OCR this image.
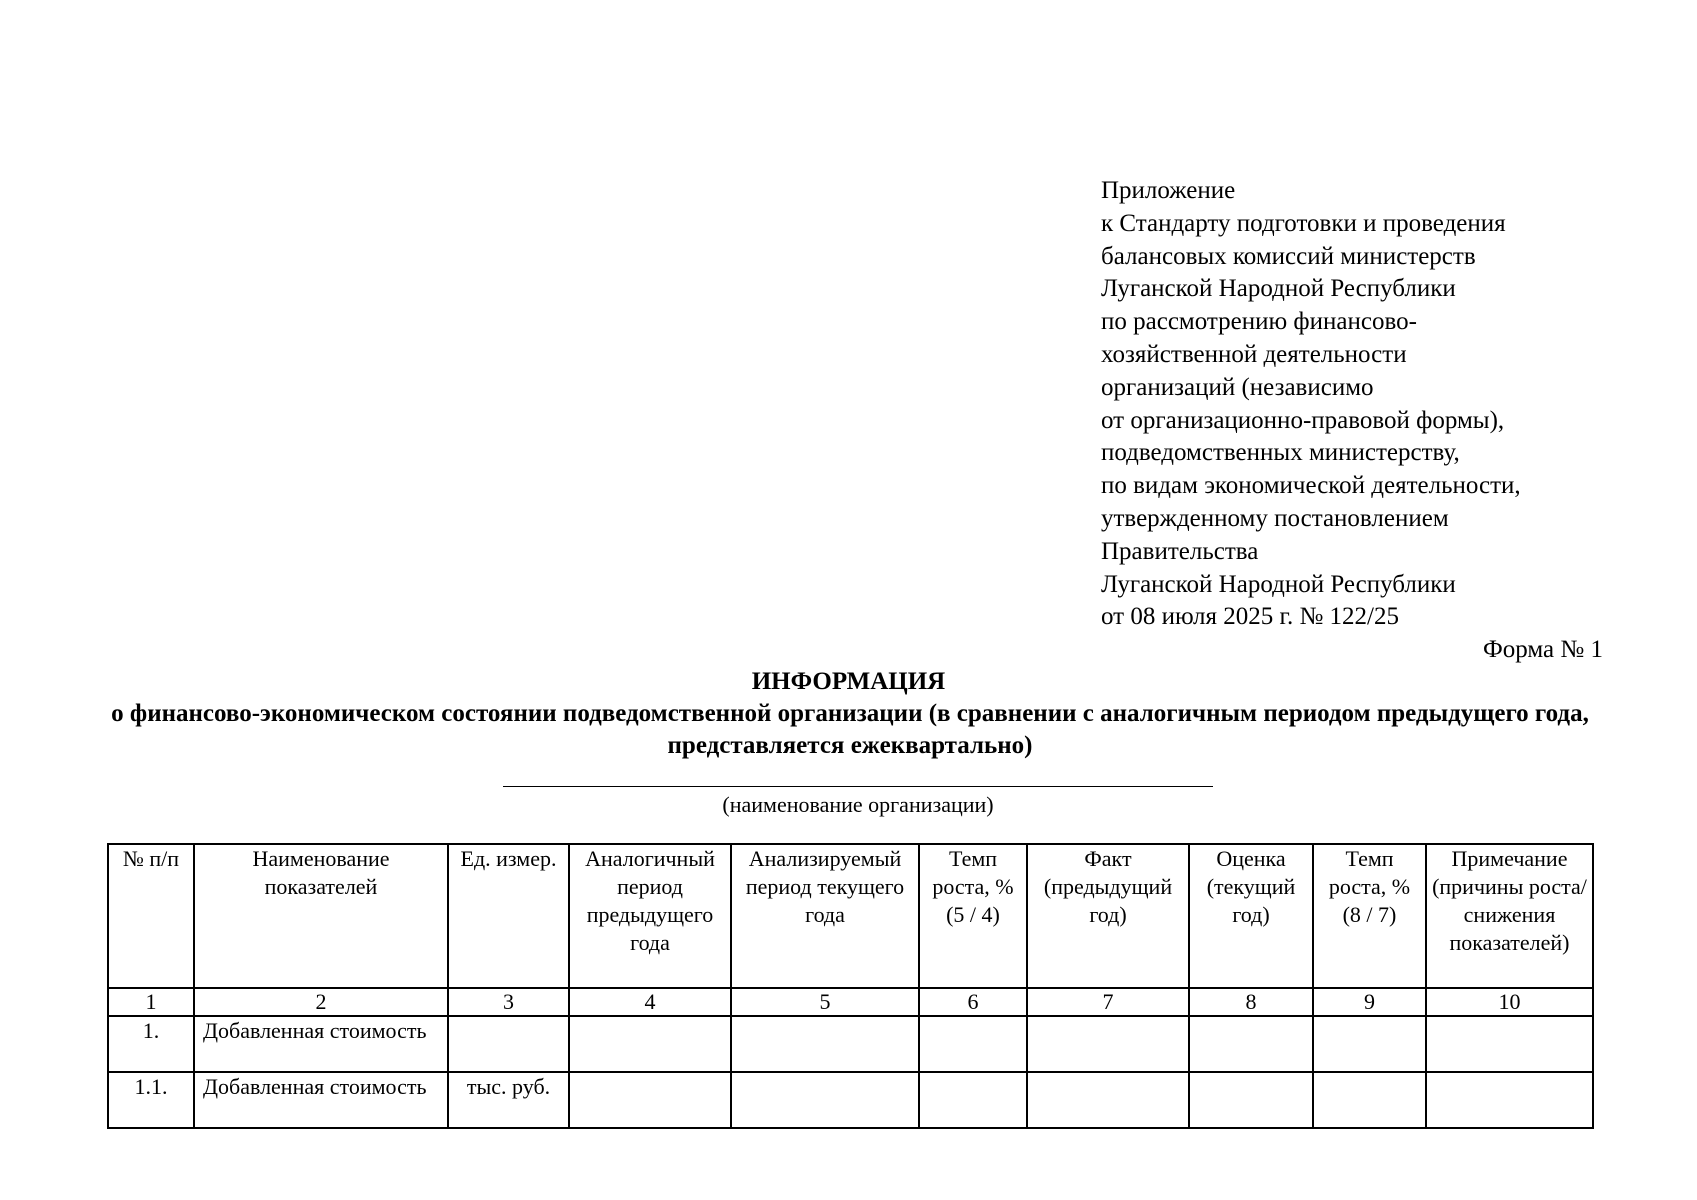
Приложение
к Стандарту подготовки и проведения
балансовых комиссий министерств
Луганской Народной Республики
по рассмотрению финансово-
хозяйственной деятельности
организаций (независимо
от организационно-правовой формы),
подведомственных министерству,
по видам экономической деятельности,
утвержденному постановлением
Правительства
Луганской Народной Республики
от 08 июля 2025 г. № 122/25
Форма № 1
ИНФОРМАЦИЯ
о финансово-экономическом состоянии подведомственной организации (в сравнении с аналогичным периодом предыдущего года, представляется ежеквартально)
(наименование организации)
№ п/п	Наименование показателей	Ед. измер.	Аналогичный период предыдущего года	Анализируемый период текущего года	Темп роста, % (5 / 4)	Факт (предыдущий год)	Оценка (текущий год)	Темп роста, % (8 / 7)	Примечание (причины роста/ снижения показателей)
1	2	3	4	5	6	7	8	9	10
1.	Добавленная стоимость								
1.1.	Добавленная стоимость	тыс. руб.							
